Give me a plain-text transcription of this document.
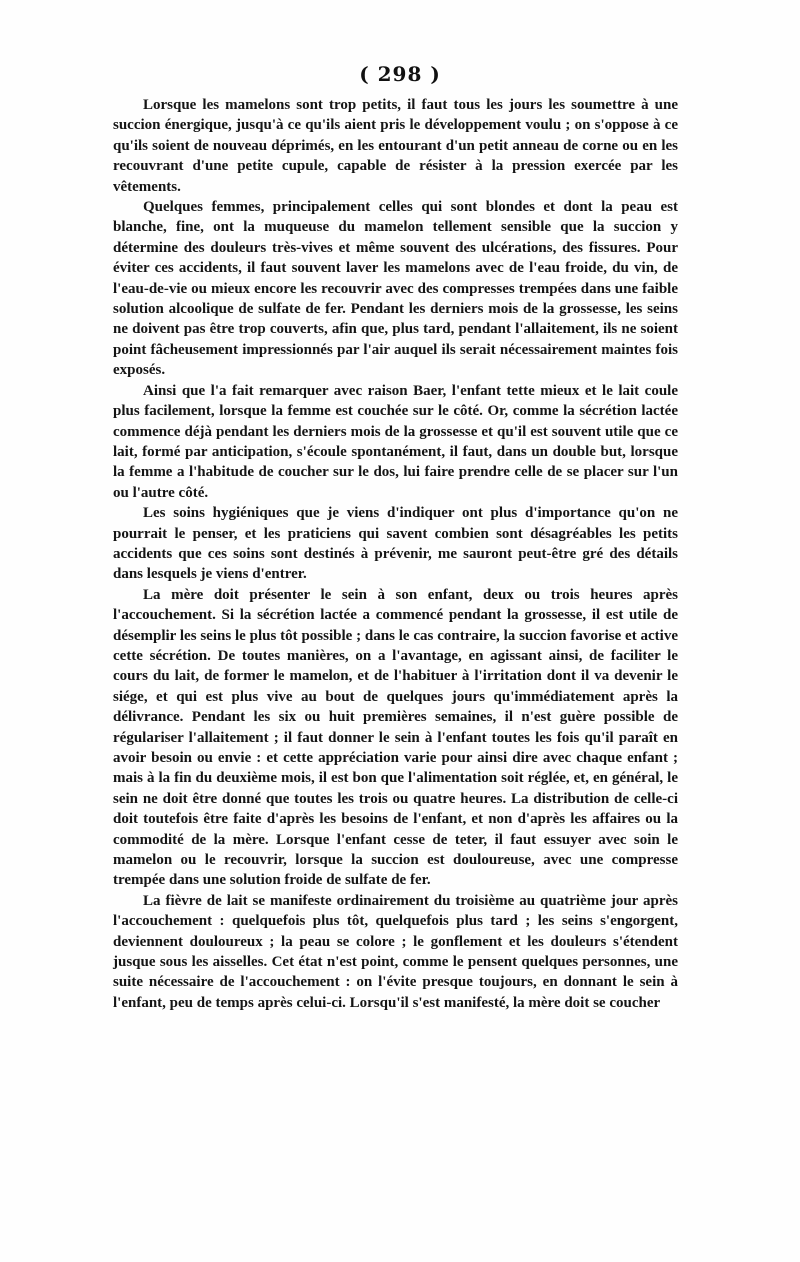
( 298 )

Lorsque les mamelons sont trop petits, il faut tous les jours les soumettre à une succion énergique, jusqu'à ce qu'ils aient pris le développement voulu ; on s'oppose à ce qu'ils soient de nouveau déprimés, en les entourant d'un petit anneau de corne ou en les recouvrant d'une petite cupule, capable de résister à la pression exercée par les vêtements.

Quelques femmes, principalement celles qui sont blondes et dont la peau est blanche, fine, ont la muqueuse du mamelon tellement sensible que la succion y détermine des douleurs très-vives et même souvent des ulcérations, des fissures. Pour éviter ces accidents, il faut souvent laver les mamelons avec de l'eau froide, du vin, de l'eau-de-vie ou mieux encore les recouvrir avec des compresses trempées dans une faible solution alcoolique de sulfate de fer. Pendant les derniers mois de la grossesse, les seins ne doivent pas être trop couverts, afin que, plus tard, pendant l'allaitement, ils ne soient point fâcheusement impressionnés par l'air auquel ils serait nécessairement maintes fois exposés.

Ainsi que l'a fait remarquer avec raison Baer, l'enfant tette mieux et le lait coule plus facilement, lorsque la femme est couchée sur le côté. Or, comme la sécrétion lactée commence déjà pendant les derniers mois de la grossesse et qu'il est souvent utile que ce lait, formé par anticipation, s'écoule spontanément, il faut, dans un double but, lorsque la femme a l'habitude de coucher sur le dos, lui faire prendre celle de se placer sur l'un ou l'autre côté.

Les soins hygiéniques que je viens d'indiquer ont plus d'importance qu'on ne pourrait le penser, et les praticiens qui savent combien sont désagréables les petits accidents que ces soins sont destinés à prévenir, me sauront peut-être gré des détails dans lesquels je viens d'entrer.

La mère doit présenter le sein à son enfant, deux ou trois heures après l'accouchement. Si la sécrétion lactée a commencé pendant la grossesse, il est utile de désemplir les seins le plus tôt possible ; dans le cas contraire, la succion favorise et active cette sécrétion. De toutes manières, on a l'avantage, en agissant ainsi, de faciliter le cours du lait, de former le mamelon, et de l'habituer à l'irritation dont il va devenir le siége, et qui est plus vive au bout de quelques jours qu'immédiatement après la délivrance. Pendant les six ou huit premières semaines, il n'est guère possible de régulariser l'allaitement ; il faut donner le sein à l'enfant toutes les fois qu'il paraît en avoir besoin ou envie : et cette appréciation varie pour ainsi dire avec chaque enfant ; mais à la fin du deuxième mois, il est bon que l'alimentation soit réglée, et, en général, le sein ne doit être donné que toutes les trois ou quatre heures. La distribution de celle-ci doit toutefois être faite d'après les besoins de l'enfant, et non d'après les affaires ou la commodité de la mère. Lorsque l'enfant cesse de teter, il faut essuyer avec soin le mamelon ou le recouvrir, lorsque la succion est douloureuse, avec une compresse trempée dans une solution froide de sulfate de fer.

La fièvre de lait se manifeste ordinairement du troisième au quatrième jour après l'accouchement : quelquefois plus tôt, quelquefois plus tard ; les seins s'engorgent, deviennent douloureux ; la peau se colore ; le gonflement et les douleurs s'étendent jusque sous les aisselles. Cet état n'est point, comme le pensent quelques personnes, une suite nécessaire de l'accouchement : on l'évite presque toujours, en donnant le sein à l'enfant, peu de temps après celui-ci. Lorsqu'il s'est manifesté, la mère doit se coucher
